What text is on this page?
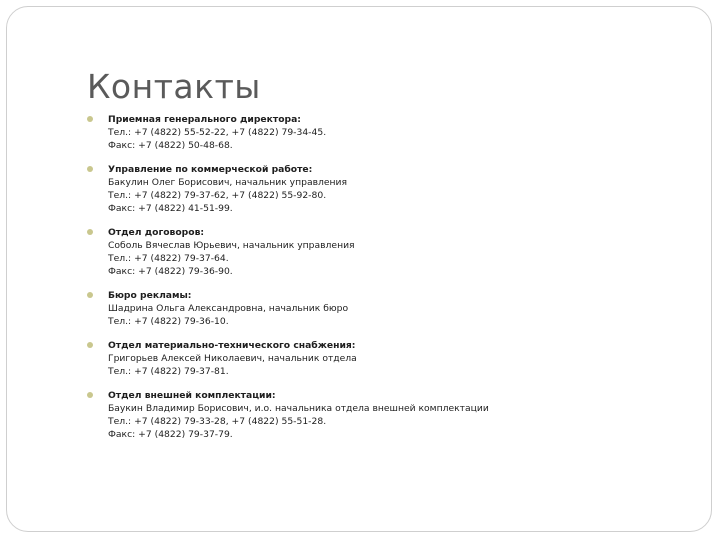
Контакты
Приемная генерального директора:
Тел.: +7 (4822) 55-52-22, +7 (4822) 79-34-45.
Факс: +7 (4822) 50-48-68.
Управление по коммерческой работе:
Бакулин Олег Борисович, начальник управления
Тел.: +7 (4822) 79-37-62, +7 (4822) 55-92-80.
Факс: +7 (4822) 41-51-99.
Отдел договоров:
Соболь Вячеслав Юрьевич, начальник управления
Тел.: +7 (4822) 79-37-64.
Факс: +7 (4822) 79-36-90.
Бюро рекламы:
Шадрина Ольга Александровна, начальник бюро
Тел.: +7 (4822) 79-36-10.
Отдел материально-технического снабжения:
Григорьев Алексей Николаевич, начальник отдела
Тел.: +7 (4822) 79-37-81.
Отдел внешней комплектации:
Баукин Владимир Борисович, и.о. начальника отдела внешней комплектации
Тел.: +7 (4822) 79-33-28, +7 (4822) 55-51-28.
Факс: +7 (4822) 79-37-79.
